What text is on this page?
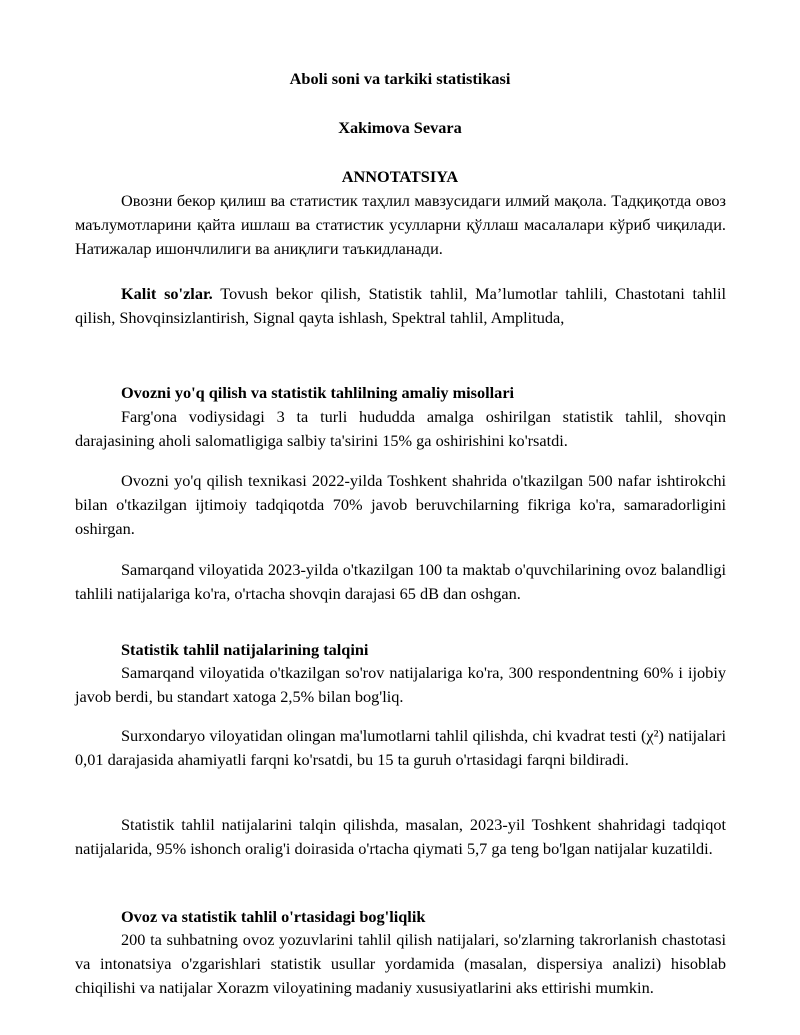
Aboli soni va tarkiki statistikasi
Xakimova Sevara
ANNOTATSIYA

Овозни бекор қилиш ва статистик таҳлил мавзусидаги илмий мақола. Тадқиқотда овоз маълумотларини қайта ишлаш ва статистик усулларни қўллаш масалалари кўриб чиқилади. Натижалар ишончлилиги ва аниқлиги таъкидланади.

Kalit so'zlar. Tovush bekor qilish, Statistik tahlil, Ma’lumotlar tahlili, Chastotani tahlil qilish, Shovqinsizlantirish, Signal qayta ishlash, Spektral tahlil, Amplituda,

Ovozni yo'q qilish va statistik tahlilning amaliy misollari

Farg'ona vodiysidagi 3 ta turli hududda amalga oshirilgan statistik tahlil, shovqin darajasining aholi salomatligiga salbiy ta'sirini 15% ga oshirishini ko'rsatdi.

Ovozni yo'q qilish texnikasi 2022-yilda Toshkent shahrida o'tkazilgan 500 nafar ishtirokchi bilan o'tkazilgan ijtimoiy tadqiqotda 70% javob beruvchilarning fikriga ko'ra, samaradorligini oshirgan.

Samarqand viloyatida 2023-yilda o'tkazilgan 100 ta maktab o'quvchilarining ovoz balandligi tahlili natijalariga ko'ra, o'rtacha shovqin darajasi 65 dB dan oshgan.

Statistik tahlil natijalarining talqini

Samarqand viloyatida o'tkazilgan so'rov natijalariga ko'ra, 300 respondentning 60% i ijobiy javob berdi, bu standart xatoga 2,5% bilan bog'liq.

Surxondaryo viloyatidan olingan ma'lumotlarni tahlil qilishda, chi kvadrat testi (χ²) natijalari 0,01 darajasida ahamiyatli farqni ko'rsatdi, bu 15 ta guruh o'rtasidagi farqni bildiradi.

Statistik tahlil natijalarini talqin qilishda, masalan, 2023-yil Toshkent shahridagi tadqiqot natijalarida, 95% ishonch oralig'i doirasida o'rtacha qiymati 5,7 ga teng bo'lgan natijalar kuzatildi.

Ovoz va statistik tahlil o'rtasidagi bog'liqlik

200 ta suhbatning ovoz yozuvlarini tahlil qilish natijalari, so'zlarning takrorlanish chastotasi va intonatsiya o'zgarishlari statistik usullar yordamida (masalan, dispersiya analizi) hisoblab chiqilishi va natijalar Xorazm viloyatining madaniy xususiyatlarini aks ettirishi mumkin.
